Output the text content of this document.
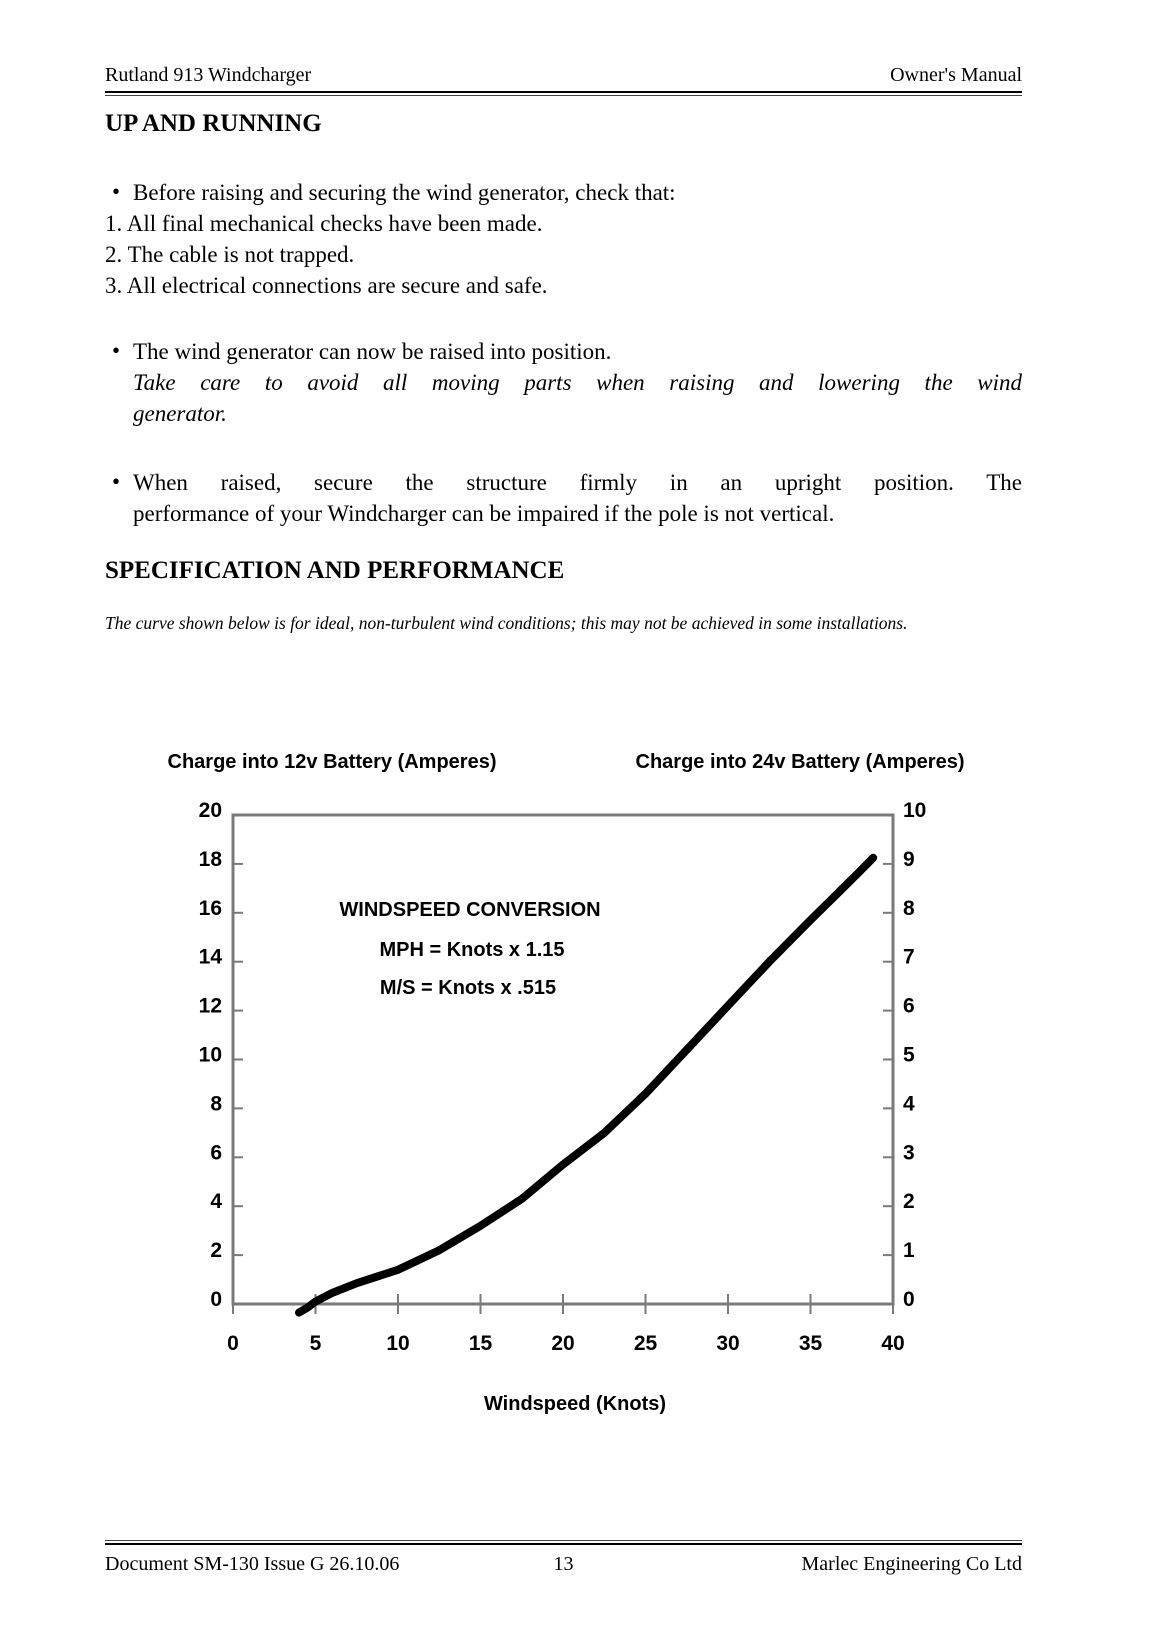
Rutland 913 Windcharger	Owner's Manual
UP AND RUNNING
• Before raising and securing the wind generator, check that:
1. All final mechanical checks have been made.
2. The cable is not trapped.
3. All electrical connections are secure and safe.
• The wind generator can now be raised into position.
Take care to avoid all moving parts when raising and lowering the wind
generator.
• When raised, secure the structure firmly in an upright position. The
performance of your Windcharger can be impaired if the pole is not vertical.
SPECIFICATION AND PERFORMANCE
The curve shown below is for ideal, non-turbulent wind conditions; this may not be achieved in some installations.
Charge into 12v Battery (Amperes)	Charge into 24v Battery (Amperes)
0	5	10	15	20	25	30	35	40
0
2
4
6
8
10
12
14
16
18
20
0
1
2
3
4
5
6
7
8
9
10
WINDSPEED CONVERSION
MPH = Knots x 1.15
M/S = Knots x .515
Windspeed (Knots)
Document SM-130 Issue G 26.10.06	13	Marlec Engineering Co Ltd
